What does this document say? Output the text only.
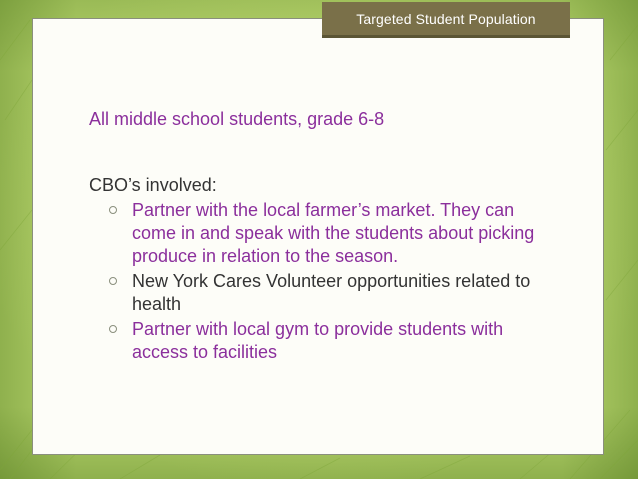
Targeted Student Population

All middle school students, grade 6-8

CBO’s involved:

Partner with the local farmer’s market. They can come in and speak with the students about picking produce in relation to the season.
New York Cares Volunteer opportunities related to health
Partner with local gym to provide students with access to facilities
